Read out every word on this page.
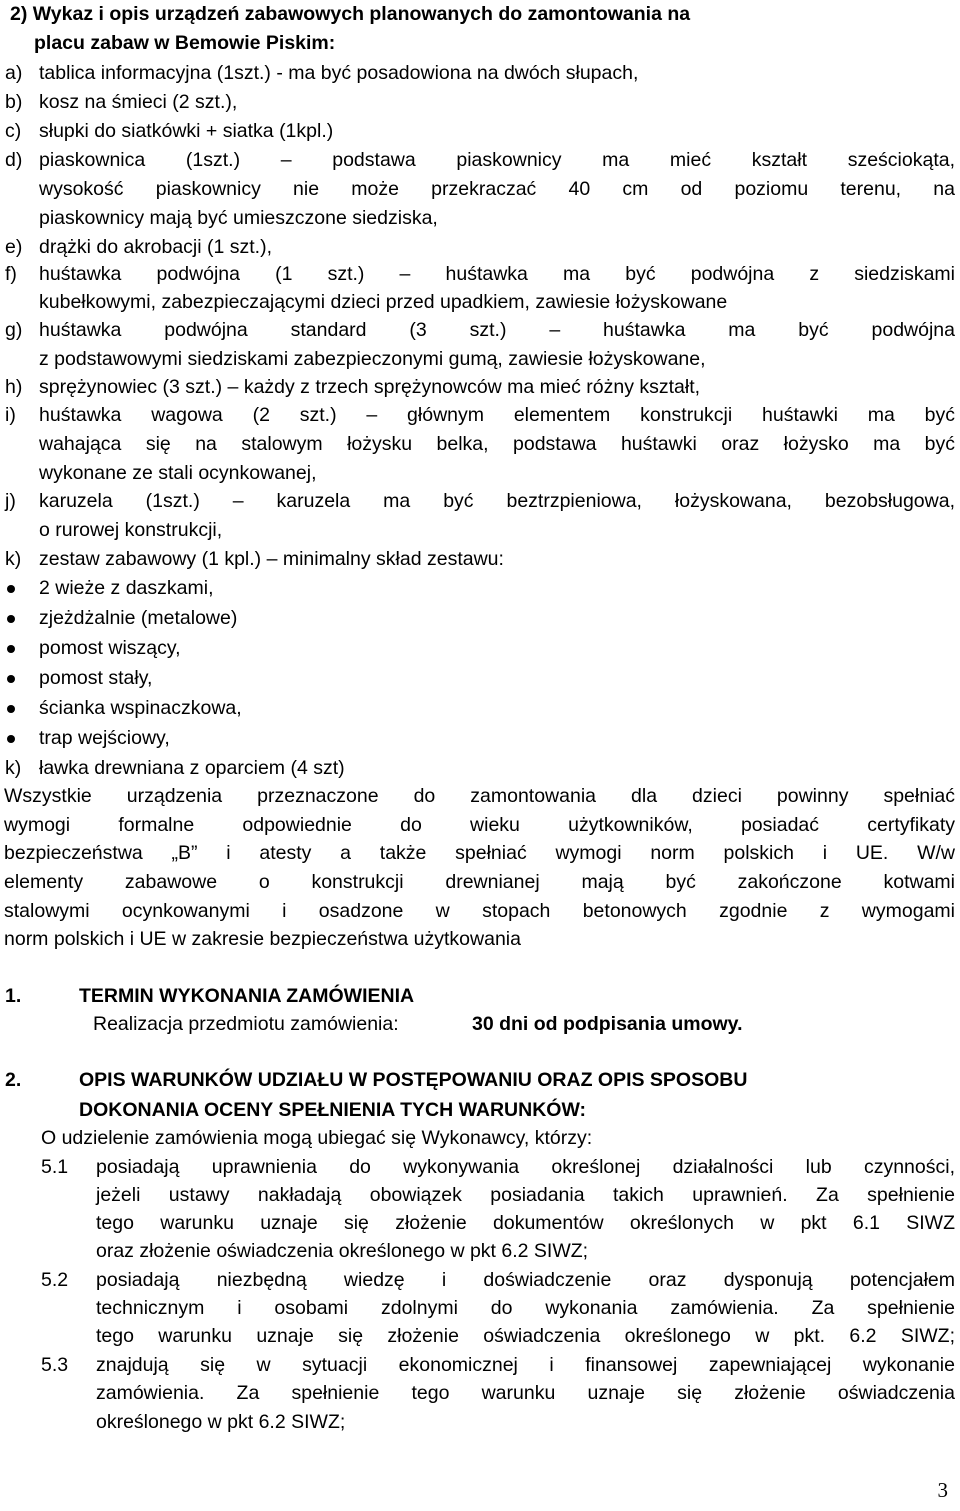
2) Wykaz i opis urządzeń zabawowych planowanych do zamontowania na
placu zabaw w Bemowie Piskim:
a) tablica informacyjna (1szt.) - ma być posadowiona na dwóch słupach,
b) kosz na śmieci (2 szt.),
c) słupki do siatkówki + siatka (1kpl.)
d) piaskownica (1szt.) – podstawa piaskownicy ma mieć kształt sześciokąta,
wysokość piaskownicy nie może przekraczać 40 cm od poziomu terenu, na
piaskownicy mają być umieszczone siedziska,
e) drążki do akrobacji (1 szt.),
f) huśtawka podwójna (1 szt.) – huśtawka ma być podwójna z siedziskami
kubełkowymi, zabezpieczającymi dzieci przed upadkiem, zawiesie łożyskowane
g) huśtawka podwójna standard (3 szt.) – huśtawka ma być podwójna
z podstawowymi siedziskami zabezpieczonymi gumą, zawiesie łożyskowane,
h) sprężynowiec (3 szt.) – każdy z trzech sprężynowców ma mieć różny kształt,
i) huśtawka wagowa (2 szt.) – głównym elementem konstrukcji huśtawki ma być
wahająca się na stalowym łożysku belka, podstawa huśtawki oraz łożysko ma być
wykonane ze stali ocynkowanej,
j) karuzela (1szt.) – karuzela ma być beztrzpieniowa, łożyskowana, bezobsługowa,
o rurowej konstrukcji,
k) zestaw zabawowy (1 kpl.) – minimalny skład zestawu:
2 wieże z daszkami,
zjeżdżalnie (metalowe)
pomost wiszący,
pomost stały,
ścianka wspinaczkowa,
trap wejściowy,
k) ławka drewniana z oparciem (4 szt)
Wszystkie urządzenia przeznaczone do zamontowania dla dzieci powinny spełniać
wymogi formalne odpowiednie do wieku użytkowników, posiadać certyfikaty
bezpieczeństwa „B” i atesty a także spełniać wymogi norm polskich i UE. W/w
elementy zabawowe o konstrukcji drewnianej mają być zakończone kotwami
stalowymi ocynkowanymi i osadzone w stopach betonowych zgodnie z wymogami
norm polskich i UE w zakresie bezpieczeństwa użytkowania
1.	TERMIN WYKONANIA ZAMÓWIENIA
Realizacja przedmiotu zamówienia:	30 dni od podpisania umowy.
2.	OPIS WARUNKÓW UDZIAŁU W POSTĘPOWANIU ORAZ OPIS SPOSOBU
DOKONANIA OCENY SPEŁNIENIA TYCH WARUNKÓW:
O udzielenie zamówienia mogą ubiegać się Wykonawcy, którzy:
5.1 posiadają uprawnienia do wykonywania określonej działalności lub czynności,
jeżeli ustawy nakładają obowiązek posiadania takich uprawnień. Za spełnienie
tego warunku uznaje się złożenie dokumentów określonych w pkt 6.1 SIWZ
oraz złożenie oświadczenia określonego w pkt 6.2 SIWZ;
5.2 posiadają niezbędną wiedzę i doświadczenie oraz dysponują potencjałem
technicznym i osobami zdolnymi do wykonania zamówienia. Za spełnienie
tego warunku uznaje się złożenie oświadczenia określonego w pkt. 6.2 SIWZ;
5.3 znajdują się w sytuacji ekonomicznej i finansowej zapewniającej wykonanie
zamówienia. Za spełnienie tego warunku uznaje się złożenie oświadczenia
określonego w pkt 6.2 SIWZ;
3
